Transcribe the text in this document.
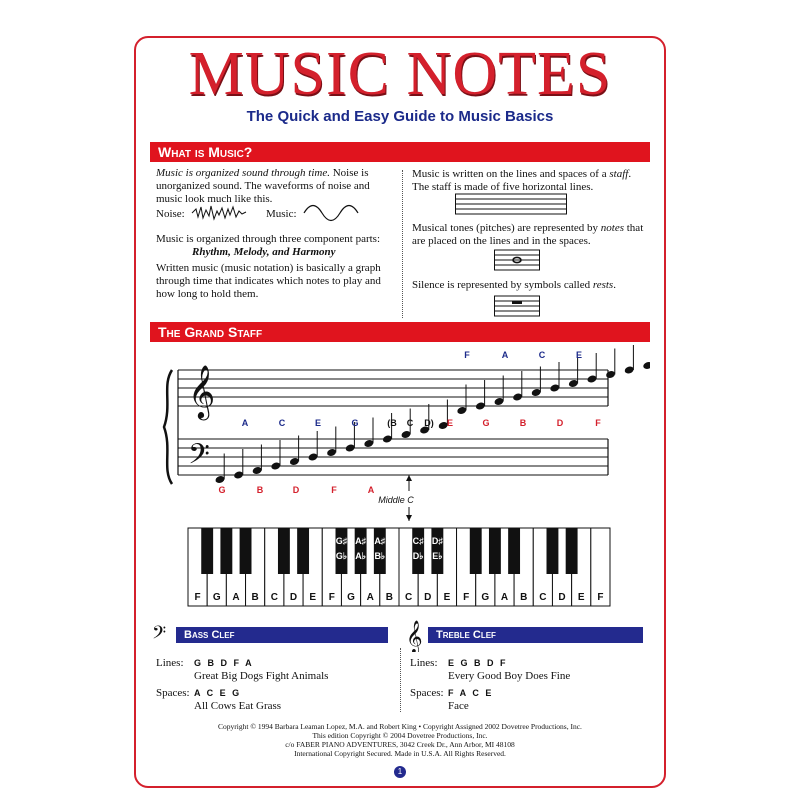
MUSIC NOTES
The Quick and Easy Guide to Music Basics
What is Music?
Music is organized sound through time. Noise is
unorganized sound. The waveforms of noise and
music look much like this.
Noise:	Music:
Music is organized through three component parts:
Rhythm, Melody, and Harmony
Written music (music notation) is basically a graph
through time that indicates which notes to play and
how long to hold them.
Music is written on the lines and spaces of a staff.
The staff is made of five horizontal lines.
Musical tones (pitches) are represented by notes that
are placed on the lines and in the spaces.
Silence is represented by symbols called rests.
The Grand Staff
𝄞
𝄢
F	A	C	E
A	C	E	G	(B C D) E	G	B	D	F
G	B	D	F	A
Middle C
F G A B C D E F G A B C D E F G A B C D E F
G♯
G♭
A♯
A♭
A♯
B♭
C♯
D♭
D♯
E♭
𝄢	Bass Clef	𝄞	Treble Clef
Lines: G B D F A
Great Big Dogs Fight Animals
Spaces: A C E G
All Cows Eat Grass
Lines: E G B D F
Every Good Boy Does Fine
Spaces: F A C E
Face
Copyright © 1994 Barbara Leaman Lopez, M.A. and Robert King • Copyright Assigned 2002 Dovetree Productions, Inc.
This edition Copyright © 2004 Dovetree Productions, Inc.
c/o FABER PIANO ADVENTURES, 3042 Creek Dr., Ann Arbor, MI 48108
International Copyright Secured. Made in U.S.A. All Rights Reserved.
1
